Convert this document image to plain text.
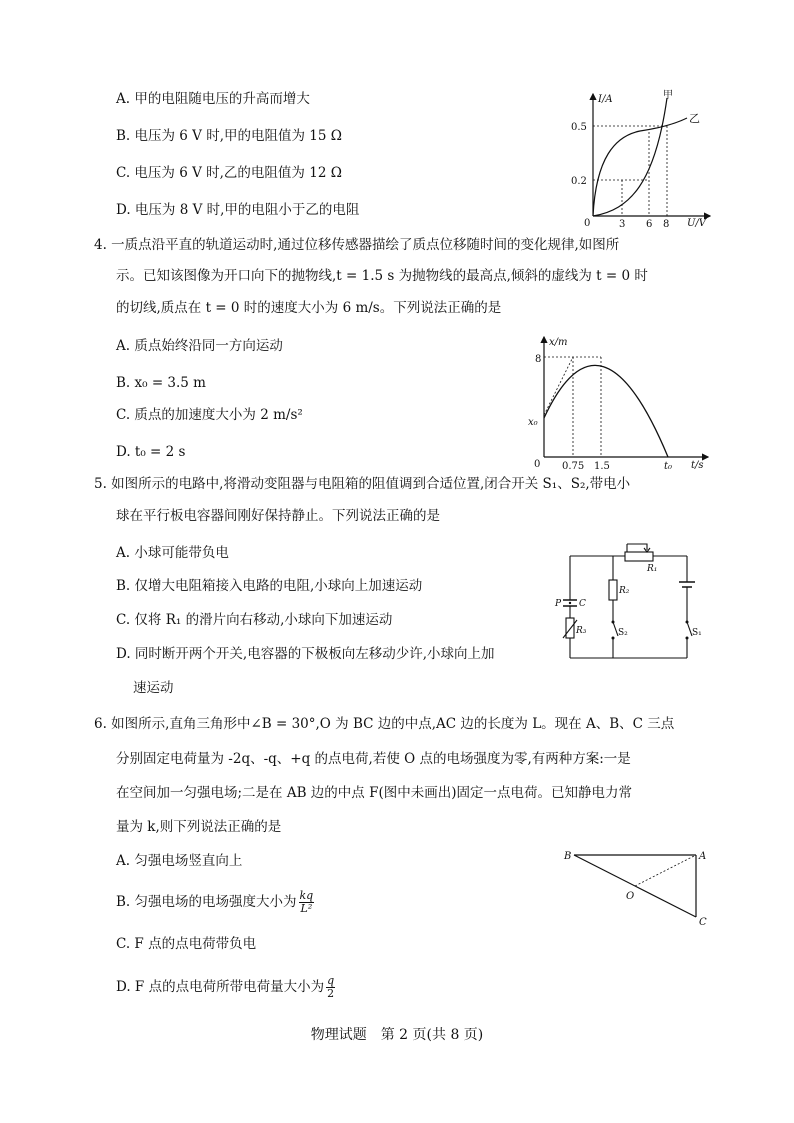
A. 甲的电阻随电压的升高而增大
B. 电压为 6 V 时,甲的电阻值为 15 Ω
C. 电压为 6 V 时,乙的电阻值为 12 Ω
D. 电压为 8 V 时,甲的电阻小于乙的电阻
I/A
U/V
0
0.5
0.2
3 6 8
乙
甲
4. 一质点沿平直的轨道运动时,通过位移传感器描绘了质点位移随时间的变化规律,如图所
示。已知该图像为开口向下的抛物线,t = 1.5 s 为抛物线的最高点,倾斜的虚线为 t = 0 时
的切线,质点在 t = 0 时的速度大小为 6 m/s。下列说法正确的是
A. 质点始终沿同一方向运动
B. x₀ = 3.5 m
C. 质点的加速度大小为 2 m/s²
D. t₀ = 2 s
x/m
t/s
0
8
x₀
0.75 1.5	t₀
5. 如图所示的电路中,将滑动变阻器与电阻箱的阻值调到合适位置,闭合开关 S₁、S₂,带电小
球在平行板电容器间刚好保持静止。下列说法正确的是
A. 小球可能带负电
B. 仅增大电阻箱接入电路的电阻,小球向上加速运动
C. 仅将 R₁ 的滑片向右移动,小球向下加速运动
D. 同时断开两个开关,电容器的下极板向左移动少许,小球向上加
速运动
R₁
R₂
R₃	S₂	S₁
P C
6. 如图所示,直角三角形中∠B = 30°,O 为 BC 边的中点,AC 边的长度为 L。现在 A、B、C 三点
分别固定电荷量为 -2q、-q、+q 的点电荷,若使 O 点的电场强度为零,有两种方案:一是
在空间加一匀强电场;二是在 AB 边的中点 F(图中未画出)固定一点电荷。已知静电力常
量为 k,则下列说法正确的是
A. 匀强电场竖直向上
B. 匀强电场的电场强度大小为 $\frac{kq}{\text{L²}}$
C. F 点的点电荷带负电
D. F 点的点电荷所带电荷量大小为 $\frac{q}{2}$
B	A
C
O
物理试题　第 2 页(共 8 页)
